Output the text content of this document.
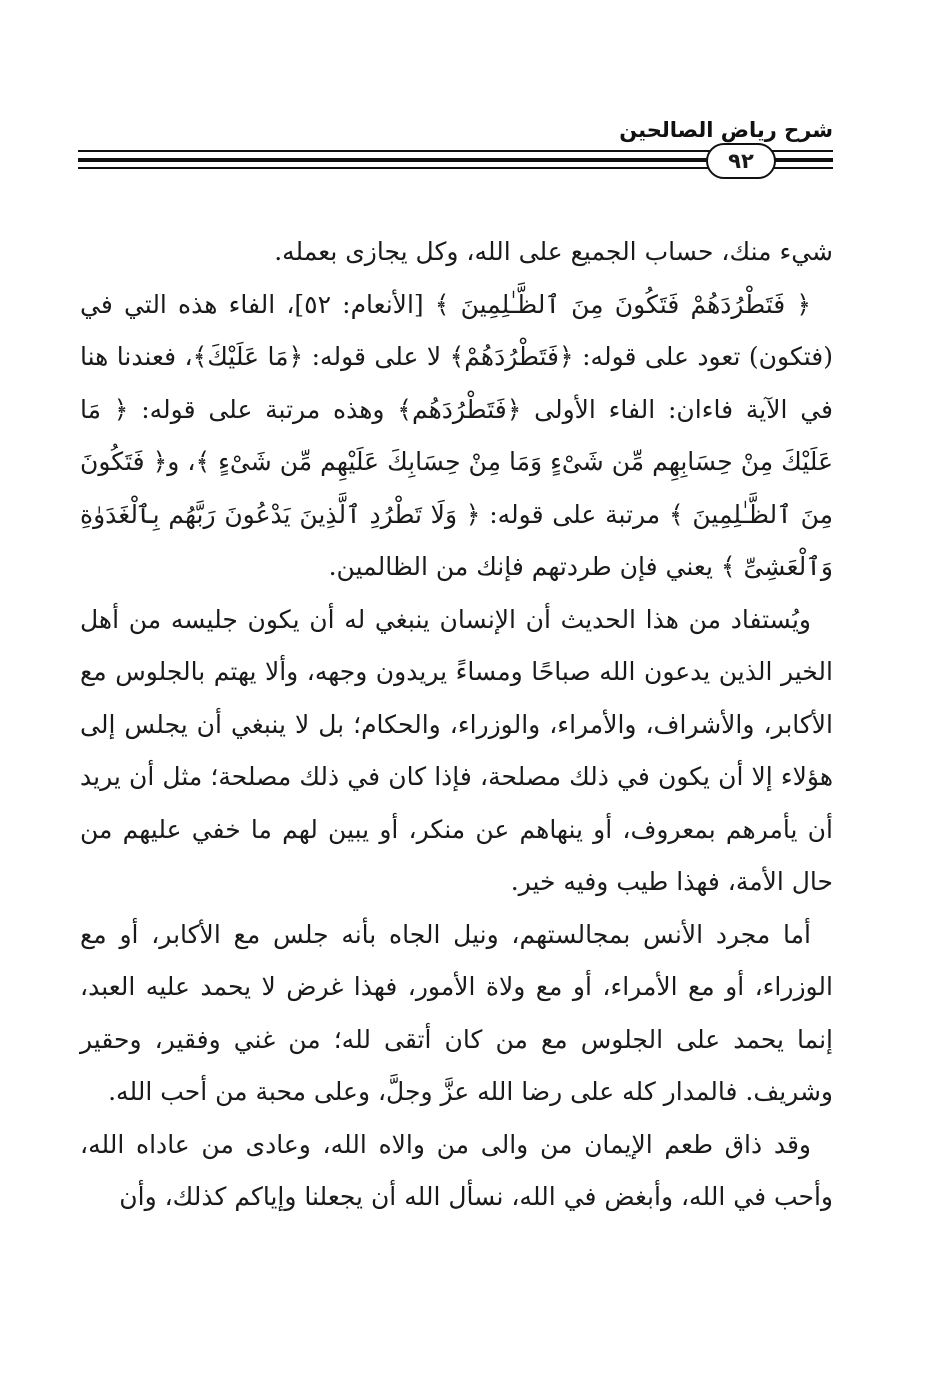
شرح رياض الصالحين
٩٢

شيء منك، حساب الجميع على الله، وكل يجازى بعمله.

﴿ فَتَطْرُدَهُمْ فَتَكُونَ مِنَ ٱلظَّـٰلِمِينَ ﴾ [الأنعام: ٥٢]، الفاء هذه التي في (فتكون) تعود على قوله: ﴿فَتَطْرُدَهُمْ﴾ لا على قوله: ﴿مَا عَلَيْكَ﴾، فعندنا هنا في الآية فاءان: الفاء الأولى ﴿فَتَطْرُدَهُم﴾ وهذه مرتبة على قوله: ﴿ مَا عَلَيْكَ مِنْ حِسَابِهِم مِّن شَىْءٍ وَمَا مِنْ حِسَابِكَ عَلَيْهِم مِّن شَىْءٍ ﴾، و﴿ فَتَكُونَ مِنَ ٱلظَّـٰلِمِينَ ﴾ مرتبة على قوله: ﴿ وَلَا تَطْرُدِ ٱلَّذِينَ يَدْعُونَ رَبَّهُم بِٱلْغَدَوٰةِ وَٱلْعَشِىِّ ﴾ يعني فإن طردتهم فإنك من الظالمين.

ويُستفاد من هذا الحديث أن الإنسان ينبغي له أن يكون جليسه من أهل الخير الذين يدعون الله صباحًا ومساءً يريدون وجهه، وألا يهتم بالجلوس مع الأكابر، والأشراف، والأمراء، والوزراء، والحكام؛ بل لا ينبغي أن يجلس إلى هؤلاء إلا أن يكون في ذلك مصلحة، فإذا كان في ذلك مصلحة؛ مثل أن يريد أن يأمرهم بمعروف، أو ينهاهم عن منكر، أو يبين لهم ما خفي عليهم من حال الأمة، فهذا طيب وفيه خير.

أما مجرد الأنس بمجالستهم، ونيل الجاه بأنه جلس مع الأكابر، أو مع الوزراء، أو مع الأمراء، أو مع ولاة الأمور، فهذا غرض لا يحمد عليه العبد، إنما يحمد على الجلوس مع من كان أتقى لله؛ من غني وفقير، وحقير وشريف. فالمدار كله على رضا الله عزَّ وجلَّ، وعلى محبة من أحب الله.

وقد ذاق طعم الإيمان من والى من والاه الله، وعادى من عاداه الله، وأحب في الله، وأبغض في الله، نسأل الله أن يجعلنا وإياكم كذلك، وأن
